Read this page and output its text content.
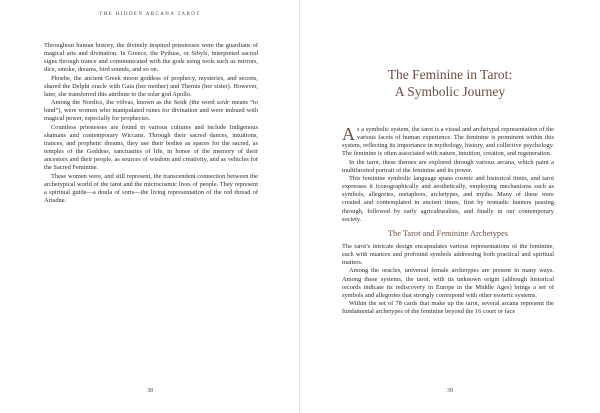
THE HIDDEN ARCANA TAROT

Throughout human history, the divinely inspired priestesses were the guardians of magical arts and divination. In Greece, the Pythias, or Sibyls, interpreted sacred signs through trance and communicated with the gods using tools such as mirrors, dice, smoke, dreams, bird sounds, and so on.

Phoebe, the ancient Greek moon goddess of prophecy, mysteries, and secrets, shared the Delphi oracle with Gaia (her mother) and Themis (her sister). However, later, she transferred this attribute to the solar god Apollo.

Among the Nordics, the völvas, known as the Seidr (the word seidr means “to bind”), were women who manipulated runes for divination and were imbued with magical power, especially for prophecies.

Countless priestesses are found in various cultures and include Indigenous shamans and contemporary Wiccans. Through their sacred dances, intuitions, trances, and prophetic dreams, they use their bodies as spaces for the sacred, as temples of the Goddess, sanctuaries of life, in honor of the memory of their ancestors and their people, as sources of wisdom and creativity, and as vehicles for the Sacred Feminine.

These women were, and still represent, the transcendent connection between the archetypical world of the tarot and the microcosmic lives of people. They represent a spiritual guide—a doula of sorts—the living representation of the red thread of Ariadne.

38
The Feminine in Tarot:
A Symbolic Journey

As a symbolic system, the tarot is a visual and archetypal representation of the various facets of human experience. The feminine is prominent within this system, reflecting its importance in mythology, history, and collective psychology. The feminine is often associated with nature, intuition, creation, and regeneration.

In the tarot, these themes are explored through various arcana, which paint a multifaceted portrait of the feminine and its power.

This feminine symbolic language spans cosmic and historical times, and tarot expresses it iconographically and aesthetically, employing mechanisms such as symbols, allegories, metaphors, archetypes, and myths. Many of these were created and contemplated in ancient times, first by nomadic hunters passing through, followed by early agriculturalists, and finally in our contemporary society.

The Tarot and Feminine Archetypes

The tarot’s intricate design encapsulates various representations of the feminine, each with nuances and profound symbols addressing both practical and spiritual matters.

Among the oracles, universal female archetypes are present in many ways. Among these systems, the tarot, with its unknown origin (although historical records indicate its rediscovery in Europe in the Middle Ages) brings a set of symbols and allegories that strongly correspond with other esoteric systems.

Within the set of 78 cards that make up the tarot, several arcana represent the fundamental archetypes of the feminine beyond the 16 court or face

39
